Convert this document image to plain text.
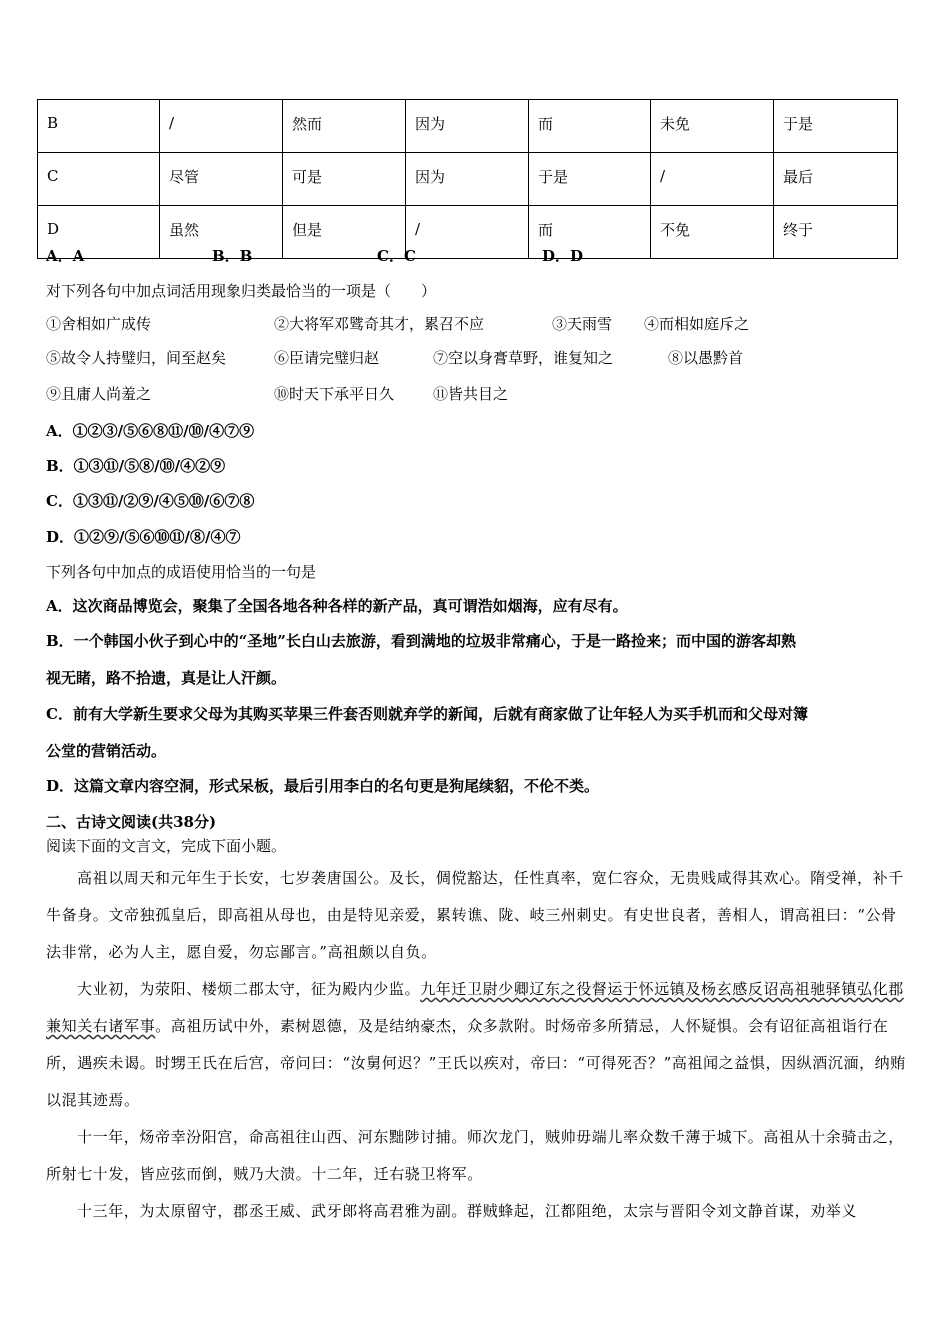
B	/	然而	因为	而	未免	于是
C	尽管	可是	因为	于是	/	最后
D	虽然	但是	/	而	不免	终于
A．A	B．B	C．C	D．D
对下列各句中加点词活用现象归类最恰当的一项是（　　）
①舍相如广成传	②大将军邓骘奇其才，累召不应	③天雨雪 ④而相如庭斥之
⑤故令人持璧归，间至赵矣	⑥臣请完璧归赵	⑦空以身膏草野，谁复知之	⑧以愚黔首
⑨且庸人尚羞之	⑩时天下承平日久	⑪皆共目之
A．①②③/⑤⑥⑧⑪/⑩/④⑦⑨
B．①③⑪/⑤⑧/⑩/④②⑨
C．①③⑪/②⑨/④⑤⑩/⑥⑦⑧
D．①②⑨/⑤⑥⑩⑪/⑧/④⑦
下列各句中加点的成语使用恰当的一句是
A．这次商品博览会，聚集了全国各地各种各样的新产品，真可谓浩如烟海，应有尽有。
B．一个韩国小伙子到心中的“圣地”长白山去旅游，看到满地的垃圾非常痛心，于是一路捡来；而中国的游客却熟
视无睹，路不拾遗，真是让人汗颜。
C．前有大学新生要求父母为其购买苹果三件套否则就弃学的新闻，后就有商家做了让年轻人为买手机而和父母对簿
公堂的营销活动。
D．这篇文章内容空洞，形式呆板，最后引用李白的名句更是狗尾续貂，不伦不类。
二、古诗文阅读(共38分)
阅读下面的文言文，完成下面小题。

高祖以周天和元年生于长安，七岁袭唐国公。及长，倜傥豁达，任性真率，宽仁容众，无贵贱咸得其欢心。隋受禅，补千牛备身。文帝独孤皇后，即高祖从母也，由是特见亲爱，累转谯、陇、岐三州刺史。有史世良者，善相人，谓高祖曰：“公骨法非常，必为人主，愿自爱，勿忘鄙言。”高祖颇以自负。

大业初，为荥阳、楼烦二郡太守，征为殿内少监。九年迁卫尉少卿辽东之役督运于怀远镇及杨玄感反诏高祖驰驿镇弘化郡兼知关右诸军事。高祖历试中外，素树恩德，及是结纳豪杰，众多款附。时炀帝多所猜忌，人怀疑惧。会有诏征高祖诣行在所，遇疾未谒。时甥王氏在后宫，帝问曰：“汝舅何迟？”王氏以疾对，帝曰：“可得死否？”高祖闻之益惧，因纵酒沉湎，纳贿以混其迹焉。

十一年，炀帝幸汾阳宫，命高祖往山西、河东黜陟讨捕。师次龙门，贼帅毋端儿率众数千薄于城下。高祖从十余骑击之，所射七十发，皆应弦而倒，贼乃大溃。十二年，迁右骁卫将军。

十三年，为太原留守，郡丞王威、武牙郎将高君雅为副。群贼蜂起，江都阻绝，太宗与晋阳令刘文静首谋，劝举义
